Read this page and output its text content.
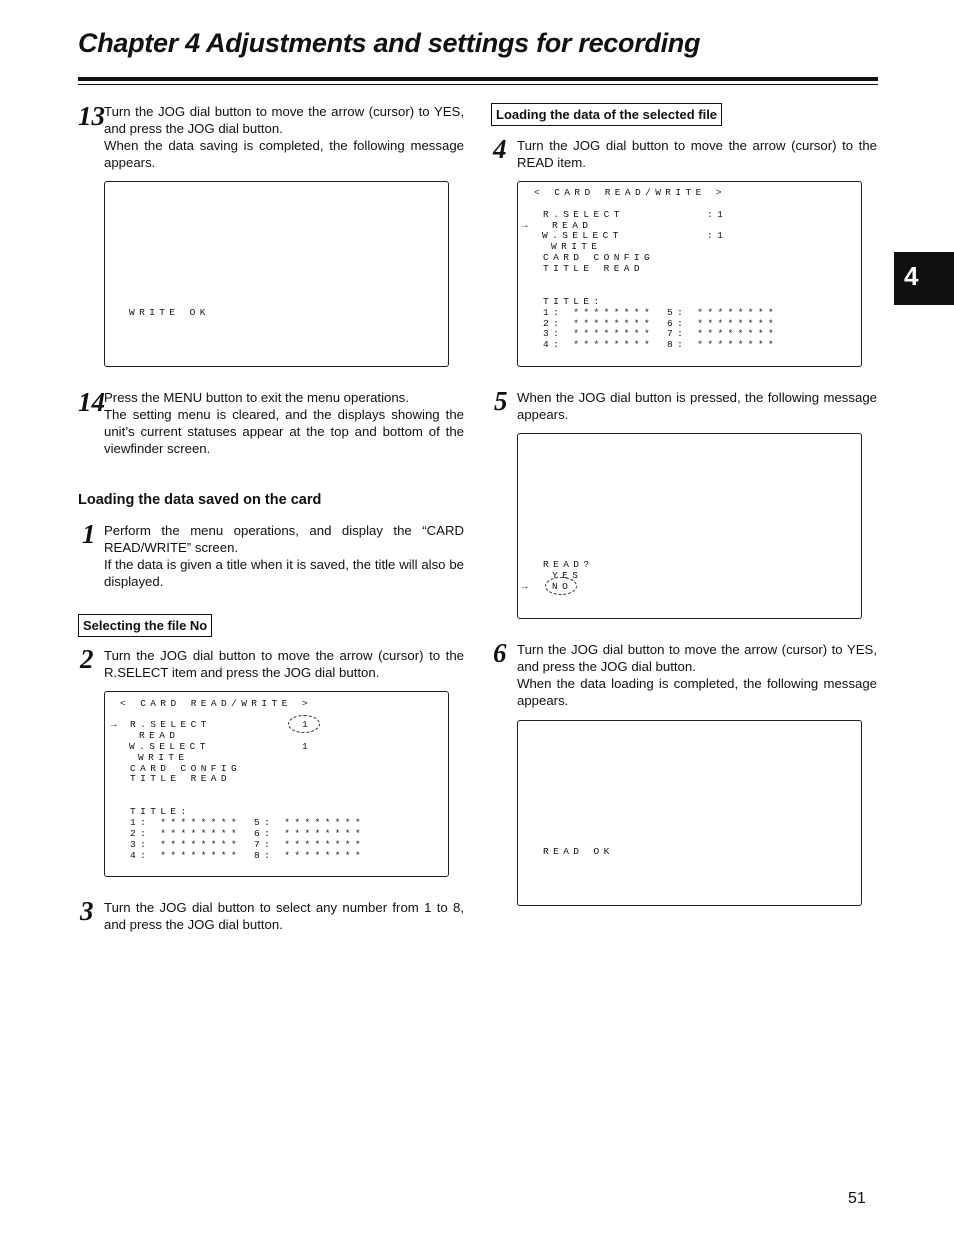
Chapter 4 Adjustments and settings for recording
4
13 Turn the JOG dial button to move the arrow (cursor) to YES, and press the JOG dial button.

When the data saving is completed, the following message appears.

WRITE OK
14 Press the MENU button to exit the menu operations.

The setting menu is cleared, and the displays showing the unit’s current statuses appear at the top and bottom of the viewfinder screen.

Loading the data saved on the card
1 Perform the menu operations, and display the “CARD READ/WRITE” screen.

If the data is given a title when it is saved, the title will also be displayed.

Selecting the file No
2 Turn the JOG dial button to move the arrow (cursor) to the R.SELECT item and press the JOG dial button.

< CARD READ/WRITE >
→ R.SELECT	1
READ
W.SELECT	1
WRITE
CARD CONFIG
TITLE READ
TITLE:
1: ********
2: ********
3: ********
4: ********
5: ********
6: ********
7: ********
8: ********
3 Turn the JOG dial button to select any number from 1 to 8, and press the JOG dial button.

Loading the data of the selected file
4 Turn the JOG dial button to move the arrow (cursor) to the READ item.

< CARD READ/WRITE >
R.SELECT	:1
→ READ
W.SELECT	:1
WRITE
CARD CONFIG
TITLE READ
TITLE:
1: ********
2: ********
3: ********
4: ********
5: ********
6: ********
7: ********
8: ********
5 When the JOG dial button is pressed, the following message appears.

READ?
YES
→ NO
6 Turn the JOG dial button to move the arrow (cursor) to YES, and press the JOG dial button.

When the data loading is completed, the following message appears.

READ OK
51
